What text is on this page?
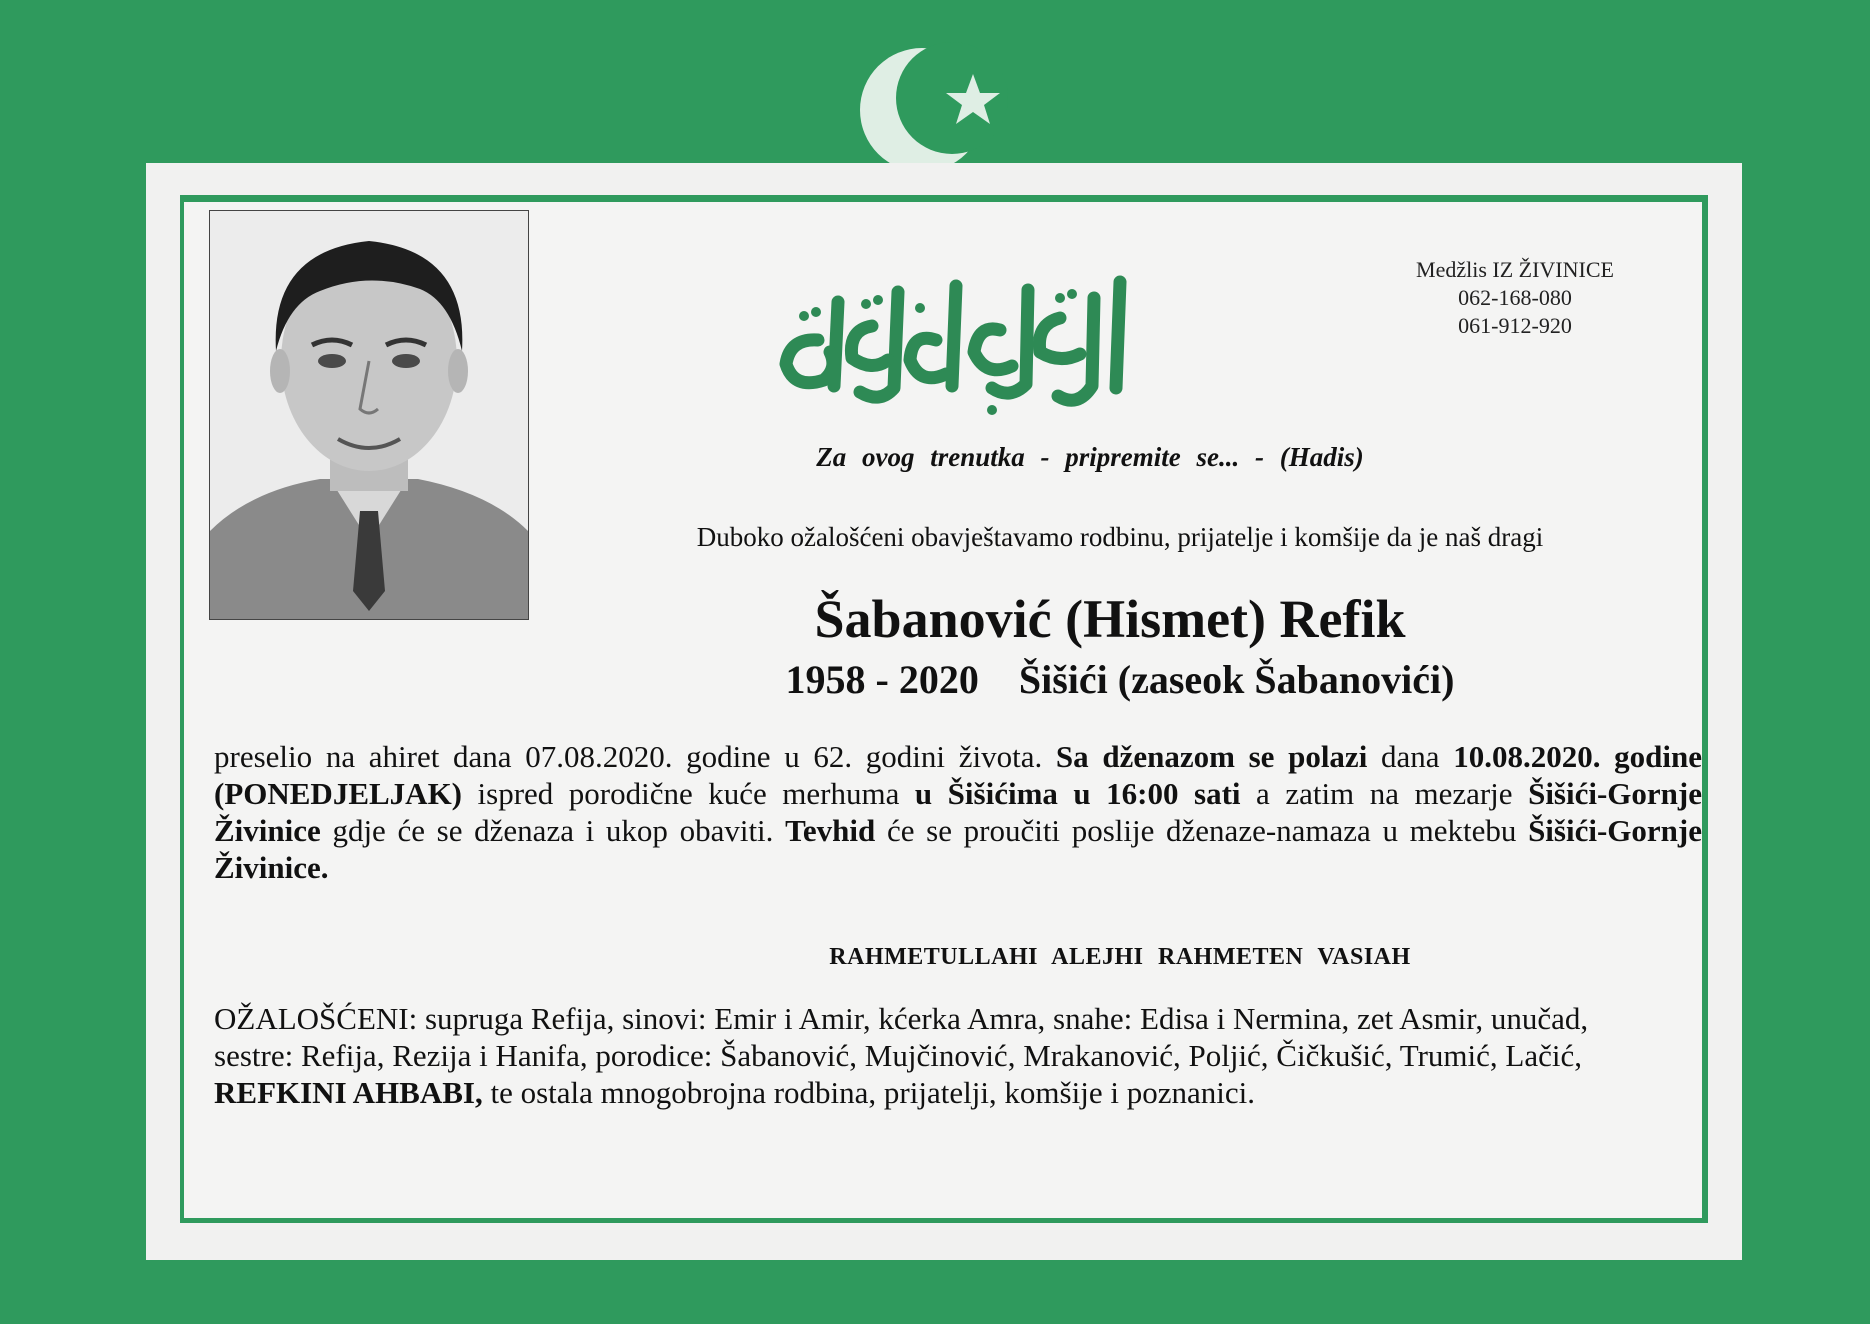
Medžlis IZ ŽIVINICE
062-168-080
061-912-920
Za ovog trenutka - pripremite se... - (Hadis)
Duboko ožalošćeni obavještavamo rodbinu, prijatelje i komšije da je naš dragi
Šabanović (Hismet) Refik
1958 - 2020 Šišići (zaseok Šabanovići)
preselio na ahiret dana 07.08.2020. godine u 62. godini života. Sa dženazom se polazi dana 10.08.2020. godine (PONEDJELJAK) ispred porodične kuće merhuma u Šišićima u 16:00 sati a zatim na mezarje Šišići-Gornje Živinice gdje će se dženaza i ukop obaviti. Tevhid će se proučiti poslije dženaze-namaza u mektebu Šišići-Gornje Živinice.
RAHMETULLAHI ALEJHI RAHMETEN VASIAH
OŽALOŠĆENI: supruga Refija, sinovi: Emir i Amir, kćerka Amra, snahe: Edisa i Nermina, zet Asmir, unučad, sestre: Refija, Rezija i Hanifa, porodice: Šabanović, Mujčinović, Mrakanović, Poljić, Čičkušić, Trumić, Lačić, REFKINI AHBABI, te ostala mnogobrojna rodbina, prijatelji, komšije i poznanici.
